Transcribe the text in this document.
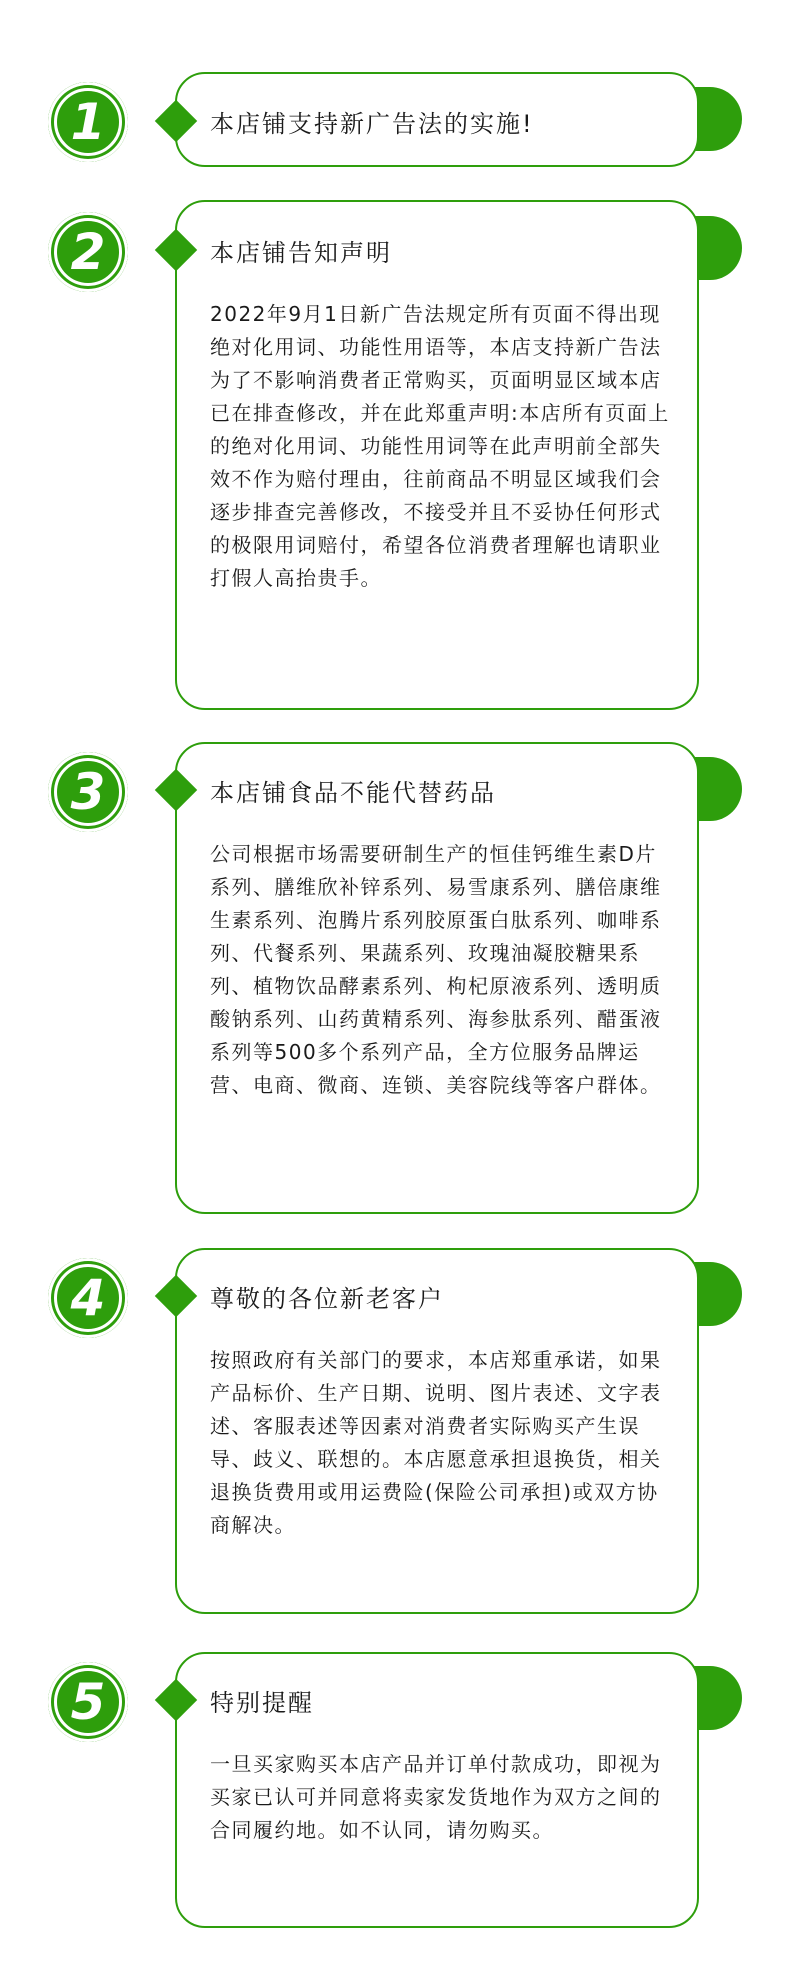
1	本店铺支持新广告法的实施!
2	本店铺告知声明
2022年9月1日新广告法规定所有页面不得出现绝对化用词、功能性用语等，本店支持新广告法为了不影响消费者正常购买，页面明显区域本店已在排查修改，并在此郑重声明:本店所有页面上的绝对化用词、功能性用词等在此声明前全部失效不作为赔付理由，往前商品不明显区域我们会逐步排查完善修改，不接受并且不妥协任何形式的极限用词赔付，希望各位消费者理解也请职业打假人高抬贵手。
3	本店铺食品不能代替药品
公司根据市场需要研制生产的恒佳钙维生素D片系列、膳维欣补锌系列、易雪康系列、膳倍康维生素系列、泡腾片系列胶原蛋白肽系列、咖啡系列、代餐系列、果蔬系列、玫瑰油凝胶糖果系列、植物饮品酵素系列、枸杞原液系列、透明质酸钠系列、山药黄精系列、海参肽系列、醋蛋液系列等500多个系列产品，全方位服务品牌运营、电商、微商、连锁、美容院线等客户群体。
4	尊敬的各位新老客户
按照政府有关部门的要求，本店郑重承诺，如果产品标价、生产日期、说明、图片表述、文字表述、客服表述等因素对消费者实际购买产生误导、歧义、联想的。本店愿意承担退换货，相关退换货费用或用运费险(保险公司承担)或双方协商解决。
5	特别提醒
一旦买家购买本店产品并订单付款成功，即视为买家已认可并同意将卖家发货地作为双方之间的合同履约地。如不认同，请勿购买。
